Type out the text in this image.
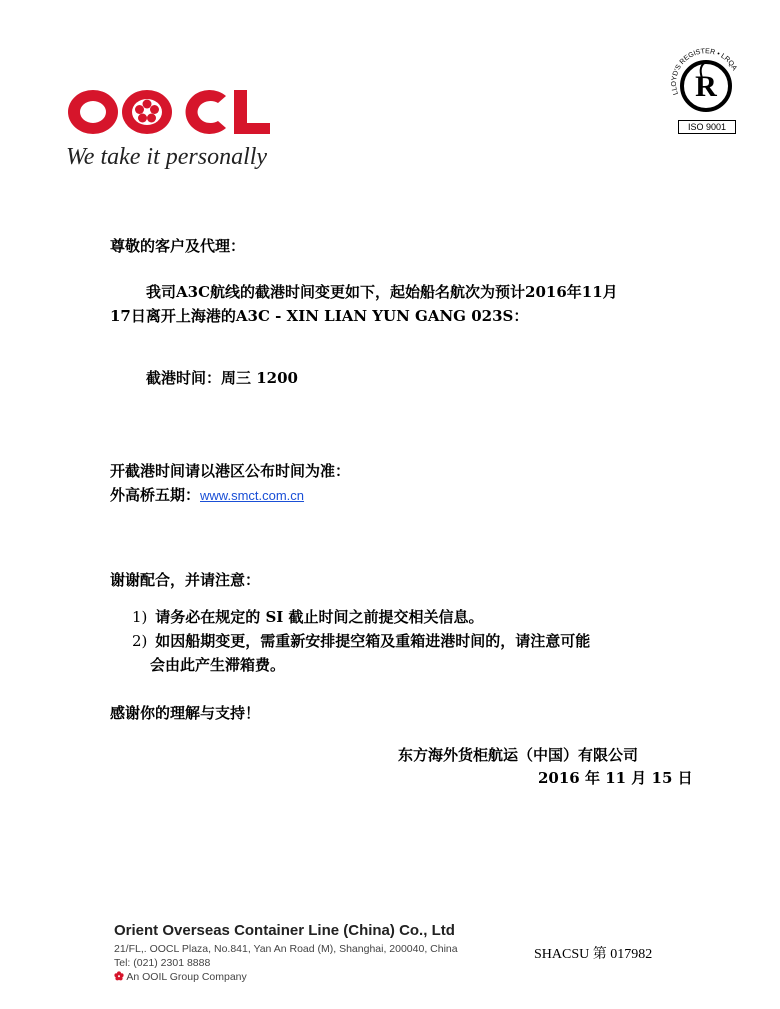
We take it personally
LLOYD'S REGISTER • LRQA
R
ISO 9001
尊敬的客户及代理：
我司A3C航线的截港时间变更如下，起始船名航次为预计2016年11月
17日离开上海港的A3C - XIN LIAN YUN GANG 023S：
截港时间：周三 1200
开截港时间请以港区公布时间为准：
外高桥五期：www.smct.com.cn
谢谢配合，并请注意：
1) 请务必在规定的 SI 截止时间之前提交相关信息。
2) 如因船期变更，需重新安排提空箱及重箱进港时间的，请注意可能
会由此产生滞箱费。
感谢你的理解与支持！
东方海外货柜航运（中国）有限公司
2016 年 11 月 15 日
Orient Overseas Container Line (China) Co., Ltd
21/FL,. OOCL Plaza, No.841, Yan An Road (M), Shanghai, 200040, China
Tel: (021) 2301 8888
An OOIL Group Company
SHACSU 第 017982
